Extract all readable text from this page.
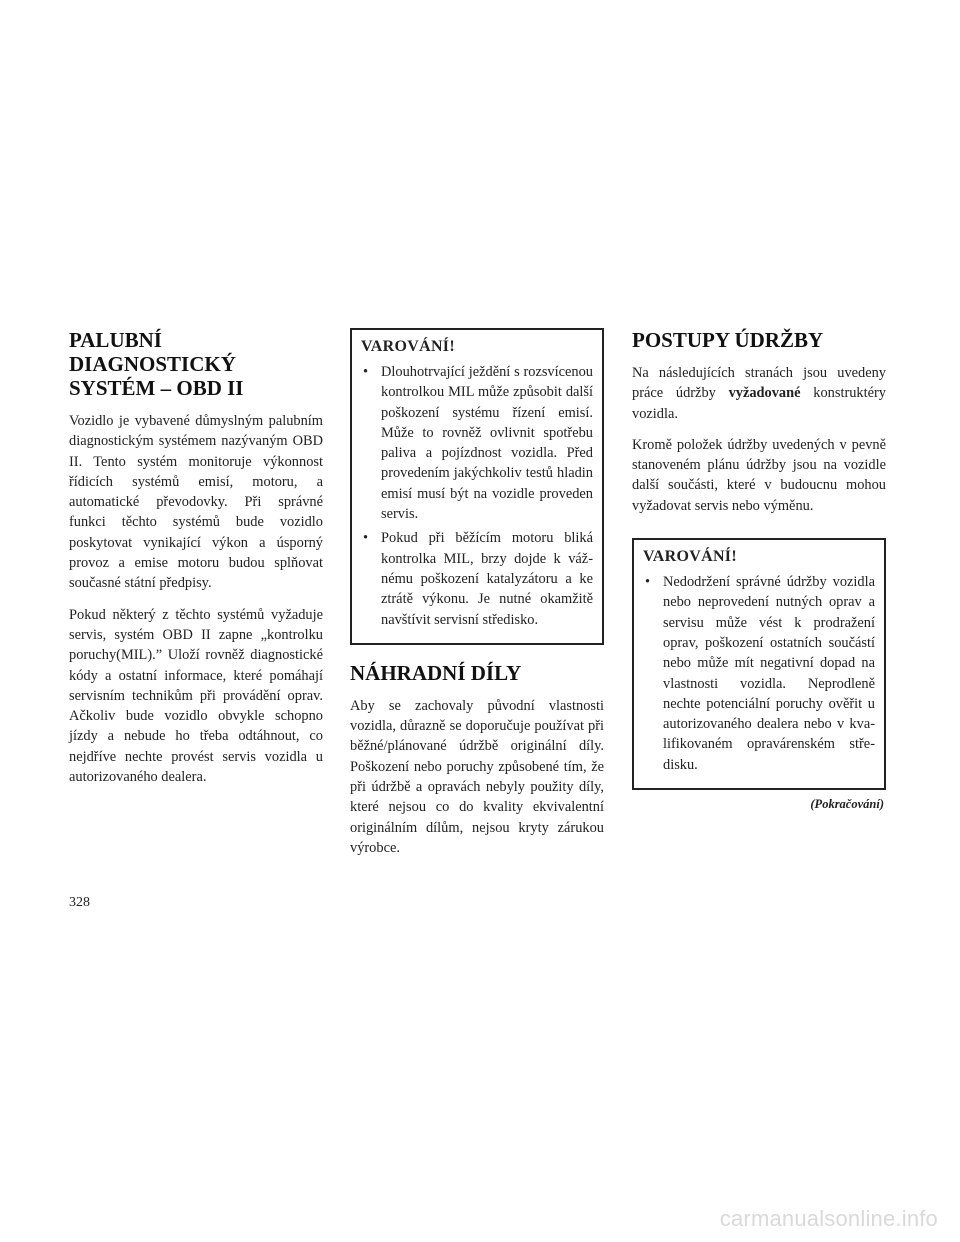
PALUBNÍ
DIAGNOSTICKÝ
SYSTÉM – OBD II

Vozidlo je vybavené důmyslným palubním diagnostickým systémem nazývaným OBD II. Tento systém monitoruje výkonnost řídicích systémů emisí, motoru, a automatické převodovky. Při správné funkci těchto systémů bude vozidlo poskytovat vynikající výkon a úsporný provoz a emise motoru budou splňovat současné státní předpisy.

Pokud některý z těchto systémů vyžaduje servis, systém OBD II zapne „kontrolku poruchy(MIL).” Uloží rovněž diagnostické kódy a ostatní informace, které pomáhají servisním technikům při provádění oprav. Ačkoliv bude vozidlo obvykle schopno jízdy a nebude ho třeba odtáhnout, co nejdříve nechte provést servis vozidla u autorizovaného dealera.

VAROVÁNÍ!
• Dlouhotrvající ježdění s rozsvícenou kontrolkou MIL může způsobit další poškození systému řízení emisí. Může to rovněž ovlivnit spotřebu paliva a pojízdnost vozidla. Před provedením jakýchkoliv testů hladin emisí musí být na vozidle proveden servis.
• Pokud při běžícím motoru bliká kontrolka MIL, brzy dojde k vážnému poškození katalyzátoru a ke ztrátě výkonu. Je nutné okamžitě navštívit servisní středisko.
NÁHRADNÍ DÍLY

Aby se zachovaly původní vlastnosti vozidla, důrazně se doporučuje používat při běžné/plánované údržbě originální díly. Poškození nebo poruchy způsobené tím, že při údržbě a opravách nebyly použity díly, které nejsou co do kvality ekvivalentní originálním dílům, nejsou kryty zárukou výrobce.

POSTUPY ÚDRŽBY

Na následujících stranách jsou uvedeny práce údržby vyžadované konstruktéry vozidla.

Kromě položek údržby uvedených v pevně stanoveném plánu údržby jsou na vozidle další součásti, které v budoucnu mohou vyžadovat servis nebo výměnu.

VAROVÁNÍ!
• Nedodržení správné údržby vozidla nebo neprovedení nutných oprav a servisu může vést k prodražení oprav, poškození ostatních součástí nebo může mít negativní dopad na vlastnosti vozidla. Neprodleně nechte potenciální poruchy ověřit u autorizovaného dealera nebo v kvalifikovaném opravárenském středisku.
(Pokračování)
328
carmanualsonline.info
